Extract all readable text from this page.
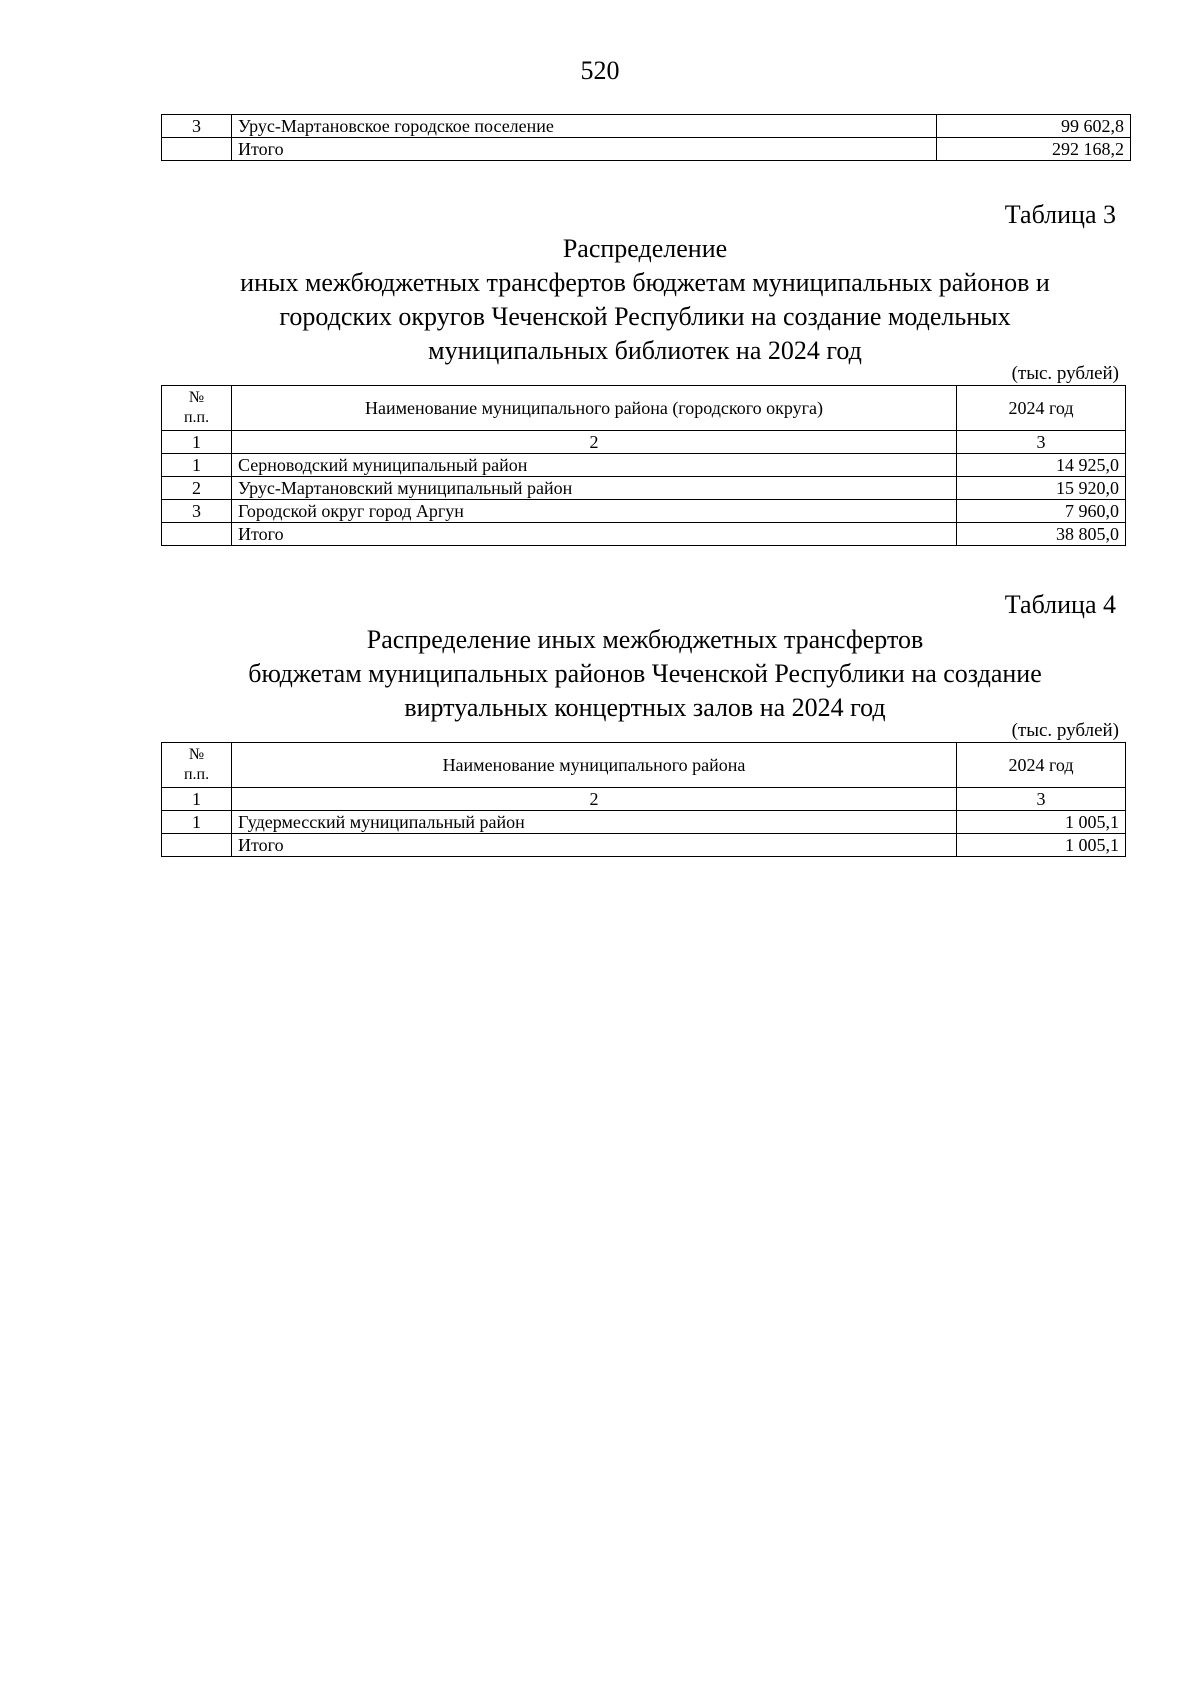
520
3	Урус-Мартановское городское поселение	99 602,8
	Итого	292 168,2
Таблица 3
Распределение
иных межбюджетных трансфертов бюджетам муниципальных районов и
городских округов Чеченской Республики на создание модельных
муниципальных библиотек на 2024 год
(тыс. рублей)
№
п.п.	Наименование муниципального района (городского округа)	2024 год
1	2	3
1	Серноводский муниципальный район	14 925,0
2	Урус-Мартановский муниципальный район	15 920,0
3	Городской округ город Аргун	7 960,0
	Итого	38 805,0
Таблица 4
Распределение иных межбюджетных трансфертов
бюджетам муниципальных районов Чеченской Республики на создание
виртуальных концертных залов на 2024 год
(тыс. рублей)
№
п.п.	Наименование муниципального района	2024 год
1	2	3
1	Гудермесский муниципальный район	1 005,1
	Итого	1 005,1
